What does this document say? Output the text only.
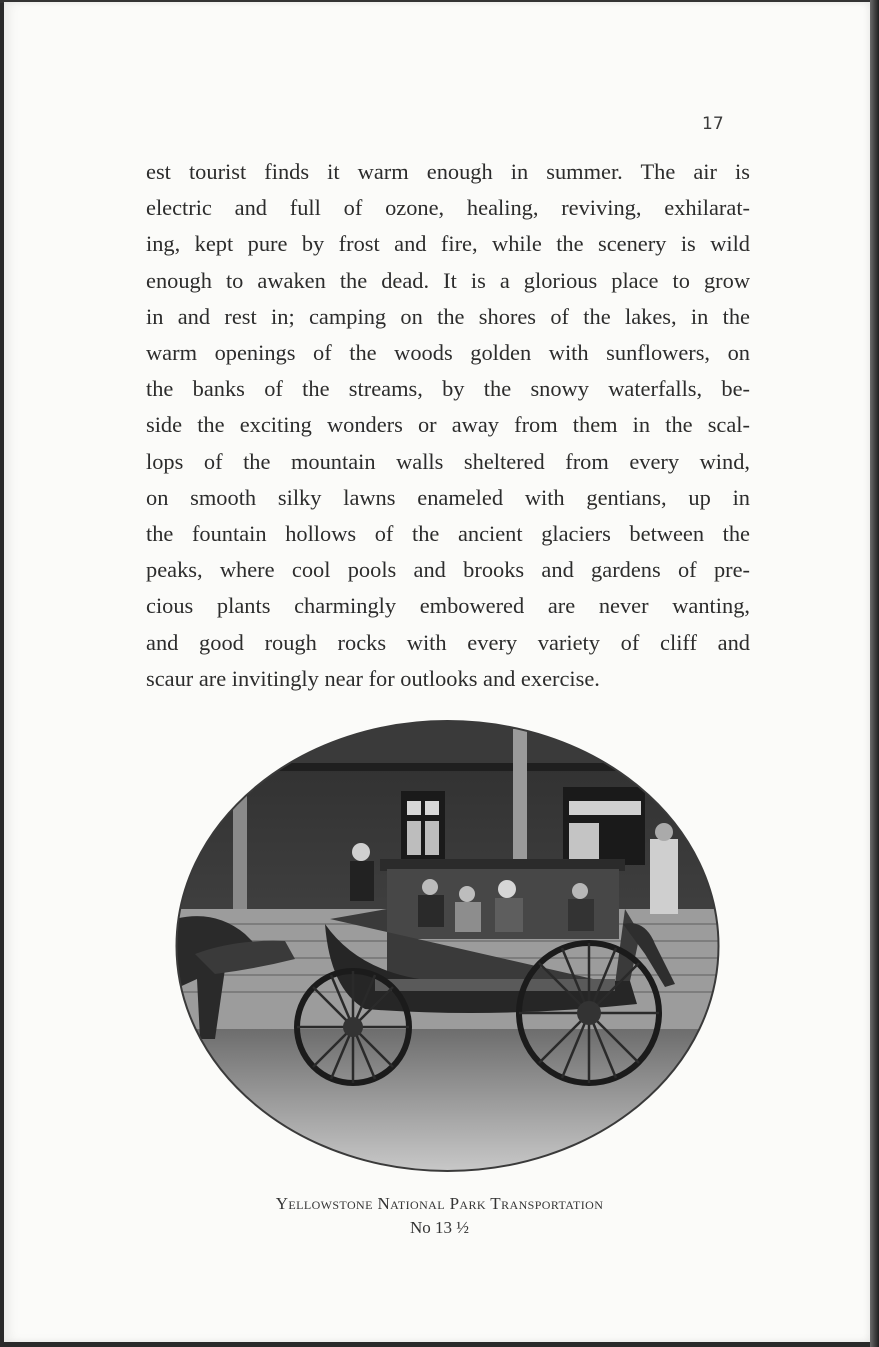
17

est tourist finds it warm enough in summer. The air is
electric and full of ozone, healing, reviving, exhilarat-
ing, kept pure by frost and fire, while the scenery is wild
enough to awaken the dead. It is a glorious place to grow
in and rest in; camping on the shores of the lakes, in the
warm openings of the woods golden with sunflowers, on
the banks of the streams, by the snowy waterfalls, be-
side the exciting wonders or away from them in the scal-
lops of the mountain walls sheltered from every wind,
on smooth silky lawns enameled with gentians, up in
the fountain hollows of the ancient glaciers between the
peaks, where cool pools and brooks and gardens of pre-
cious plants charmingly embowered are never wanting,
and good rough rocks with every variety of cliff and
scaur are invitingly near for outlooks and exercise.

Yellowstone National Park Transportation
No 13 ½
